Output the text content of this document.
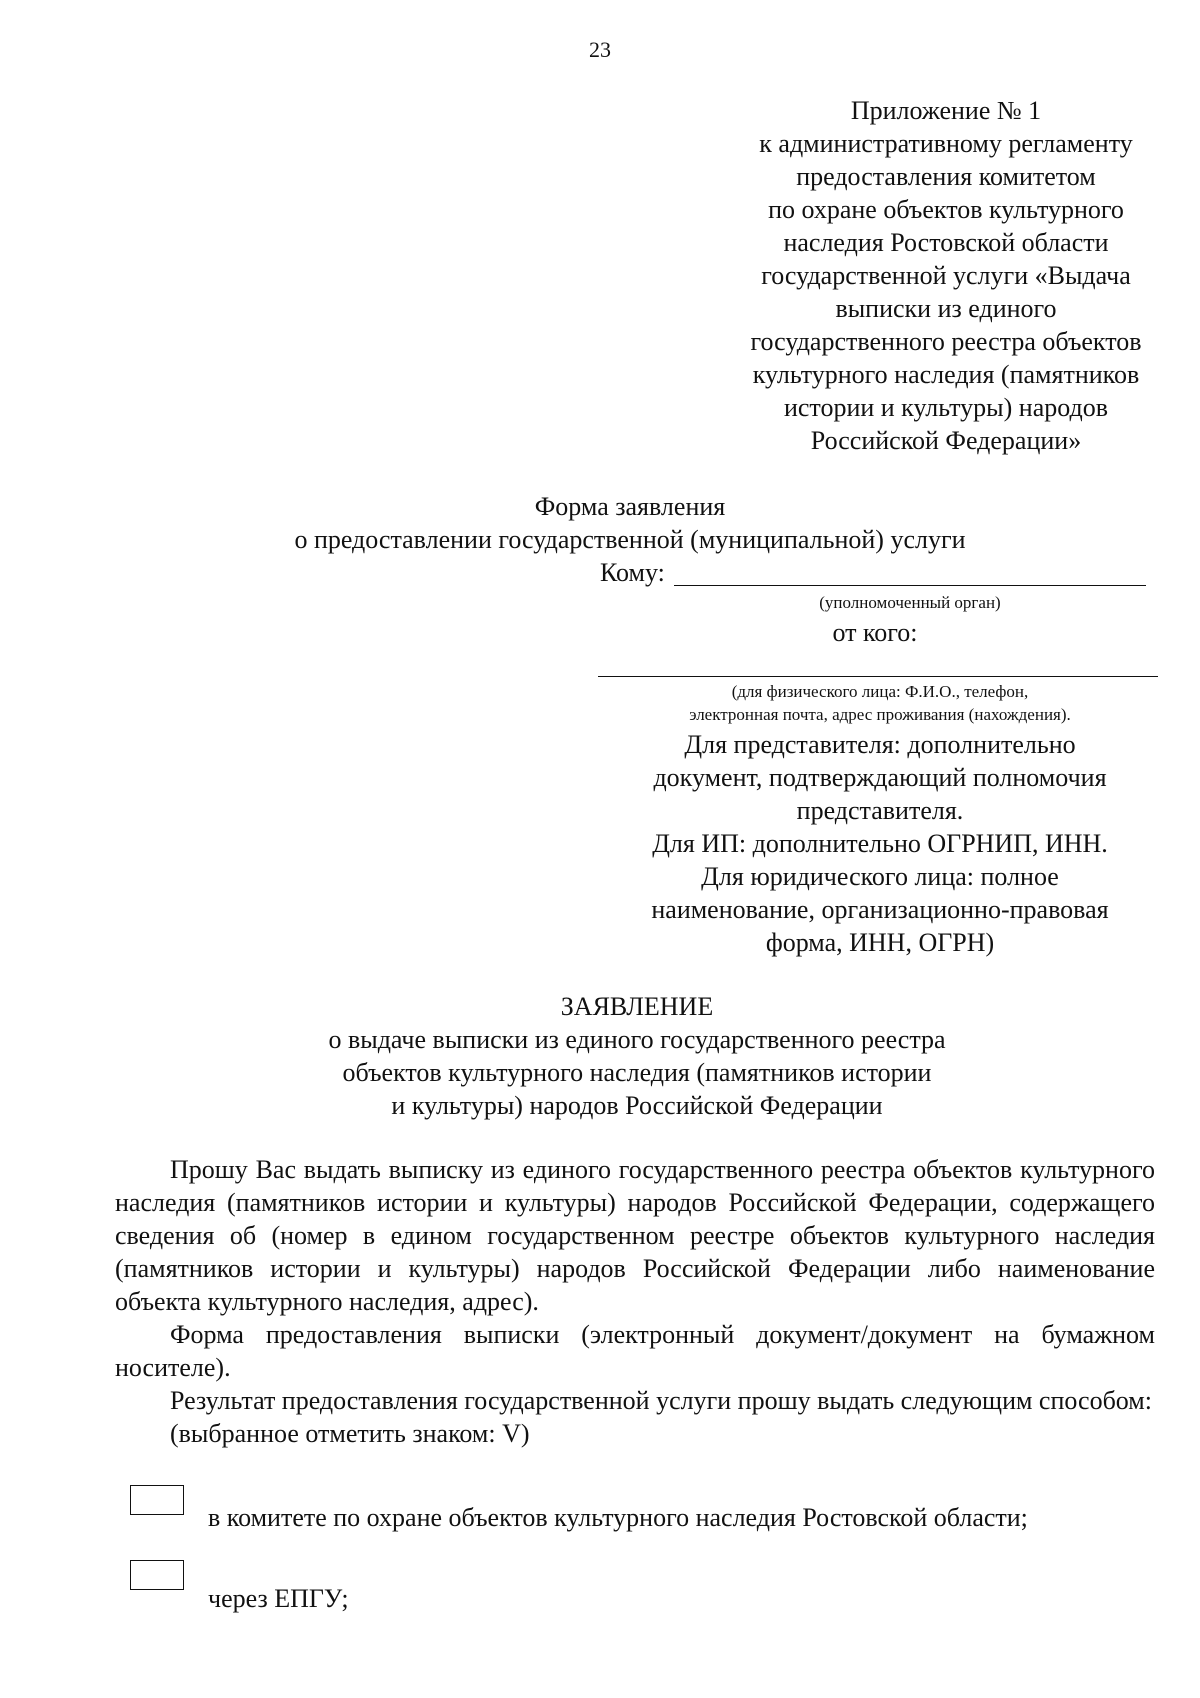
23
Приложение № 1
к административному регламенту
предоставления комитетом
по охране объектов культурного
наследия Ростовской области
государственной услуги «Выдача
выписки из единого
государственного реестра объектов
культурного наследия (памятников
истории и культуры) народов
Российской Федерации»
Форма заявления
о предоставлении государственной (муниципальной) услуги
Кому:
(уполномоченный орган)
от кого:
(для физического лица: Ф.И.О., телефон,
электронная почта, адрес проживания (нахождения).
Для представителя: дополнительно
документ, подтверждающий полномочия
представителя.
Для ИП: дополнительно ОГРНИП, ИНН.
Для юридического лица: полное
наименование, организационно-правовая
форма, ИНН, ОГРН)
ЗАЯВЛЕНИЕ
о выдаче выписки из единого государственного реестра
объектов культурного наследия (памятников истории
и культуры) народов Российской Федерации

Прошу Вас выдать выписку из единого государственного реестра объектов культурного наследия (памятников истории и культуры) народов Российской Федерации, содержащего сведения об (номер в едином государственном реестре объектов культурного наследия (памятников истории и культуры) народов Российской Федерации либо наименование объекта культурного наследия, адрес).

Форма предоставления выписки (электронный документ/документ на бумажном носителе).

Результат предоставления государственной услуги прошу выдать следующим способом:

(выбранное отметить знаком: V)

в комитете по охране объектов культурного наследия Ростовской области;
через ЕПГУ;
